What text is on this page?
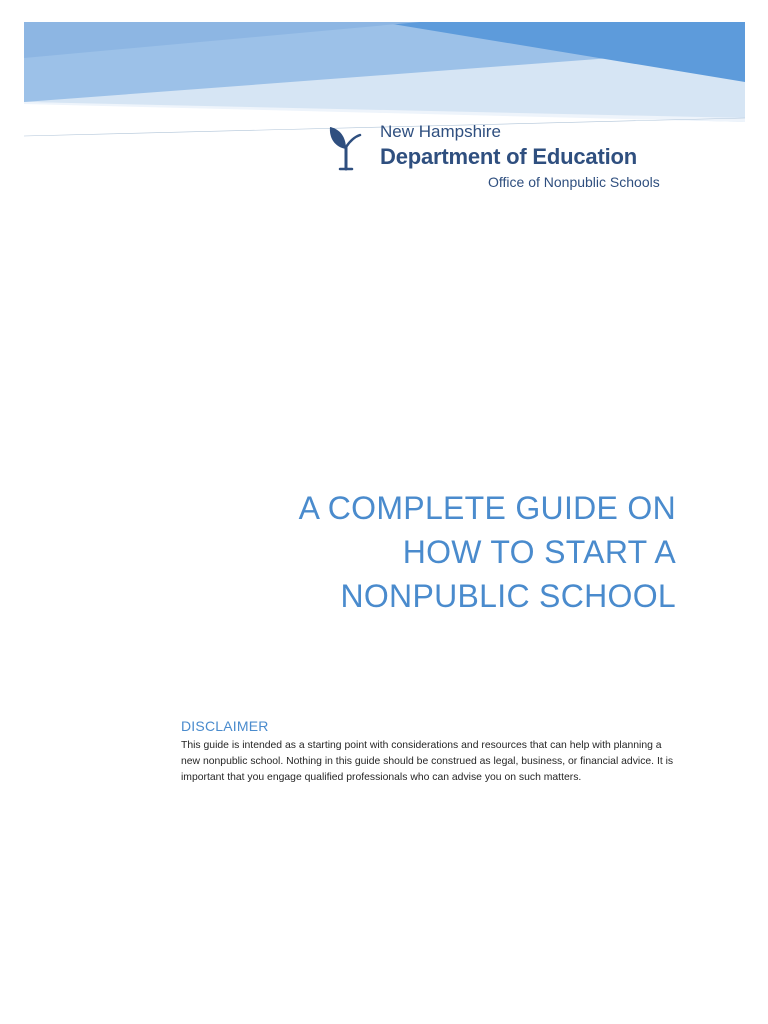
New Hampshire
Department of Education
Office of Nonpublic Schools
A COMPLETE GUIDE ON
HOW TO START A
NONPUBLIC SCHOOL
DISCLAIMER
This guide is intended as a starting point with considerations and resources that can help with planning a new nonpublic school. Nothing in this guide should be construed as legal, business, or financial advice. It is important that you engage qualified professionals who can advise you on such matters.
